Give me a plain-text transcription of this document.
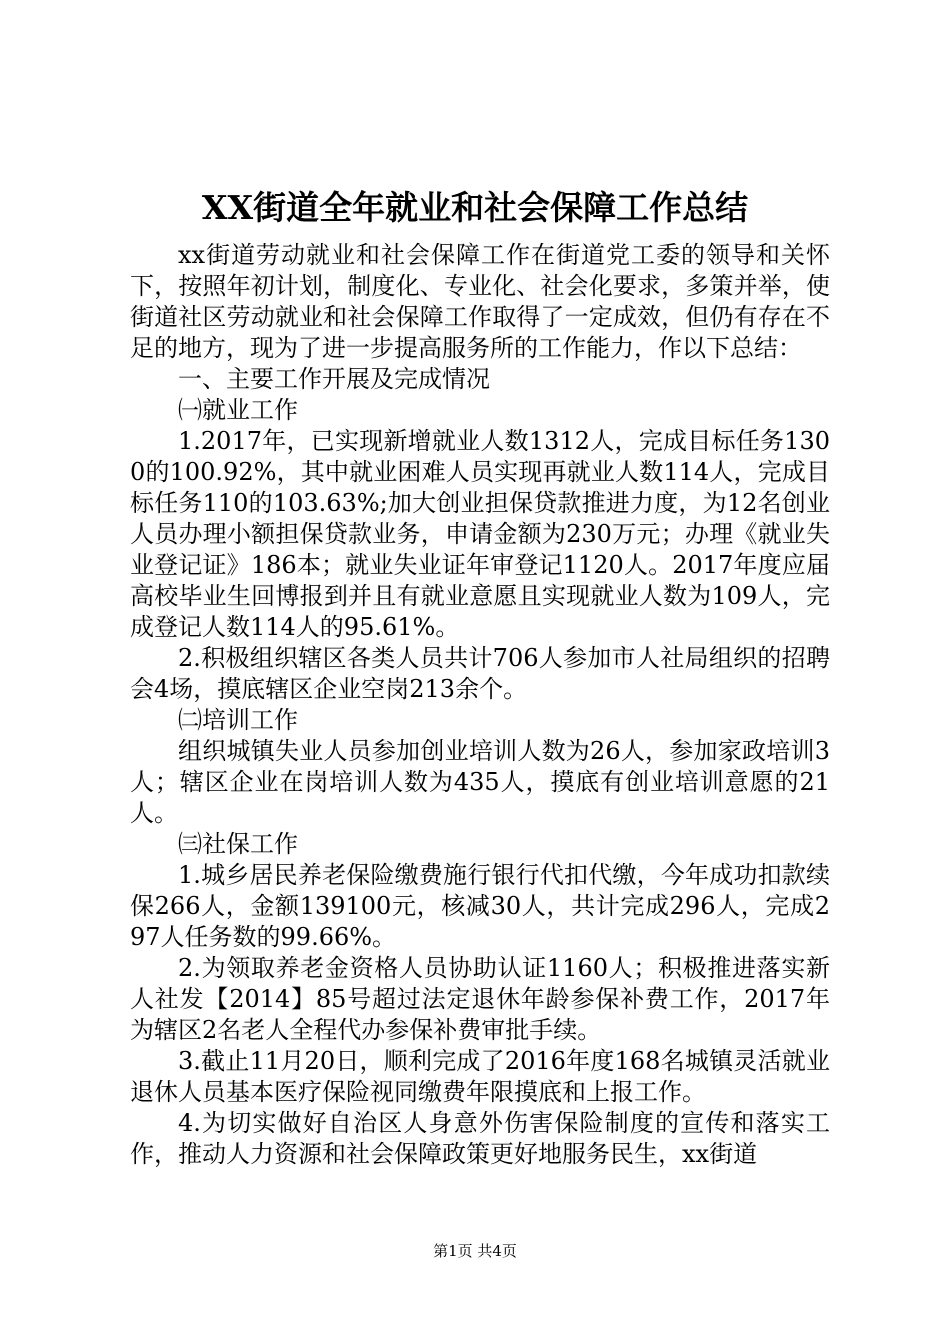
XX街道全年就业和社会保障工作总结

xx街道劳动就业和社会保障工作在街道党工委的领导和关怀下，按照年初计划，制度化、专业化、社会化要求，多策并举，使街道社区劳动就业和社会保障工作取得了一定成效，但仍有存在不足的地方，现为了进一步提高服务所的工作能力，作以下总结：

一、主要工作开展及完成情况

㈠就业工作

1.2017年，已实现新增就业人数1312人，完成目标任务1300的100.92%，其中就业困难人员实现再就业人数114人，完成目标任务110的103.63%;加大创业担保贷款推进力度，为12名创业人员办理小额担保贷款业务，申请金额为230万元；办理《就业失业登记证》186本；就业失业证年审登记1120人。2017年度应届高校毕业生回博报到并且有就业意愿且实现就业人数为109人，完成登记人数114人的95.61%。

2.积极组织辖区各类人员共计706人参加市人社局组织的招聘会4场，摸底辖区企业空岗213余个。

㈡培训工作

组织城镇失业人员参加创业培训人数为26人，参加家政培训3人；辖区企业在岗培训人数为435人，摸底有创业培训意愿的21人。

㈢社保工作

1.城乡居民养老保险缴费施行银行代扣代缴，今年成功扣款续保266人，金额139100元，核减30人，共计完成296人，完成297人任务数的99.66%。

2.为领取养老金资格人员协助认证1160人；积极推进落实新人社发【2014】85号超过法定退休年龄参保补费工作，2017年为辖区2名老人全程代办参保补费审批手续。

3.截止11月20日，顺利完成了2016年度168名城镇灵活就业退休人员基本医疗保险视同缴费年限摸底和上报工作。

4.为切实做好自治区人身意外伤害保险制度的宣传和落实工作，推动人力资源和社会保障政策更好地服务民生，xx街道

第1页 共4页
